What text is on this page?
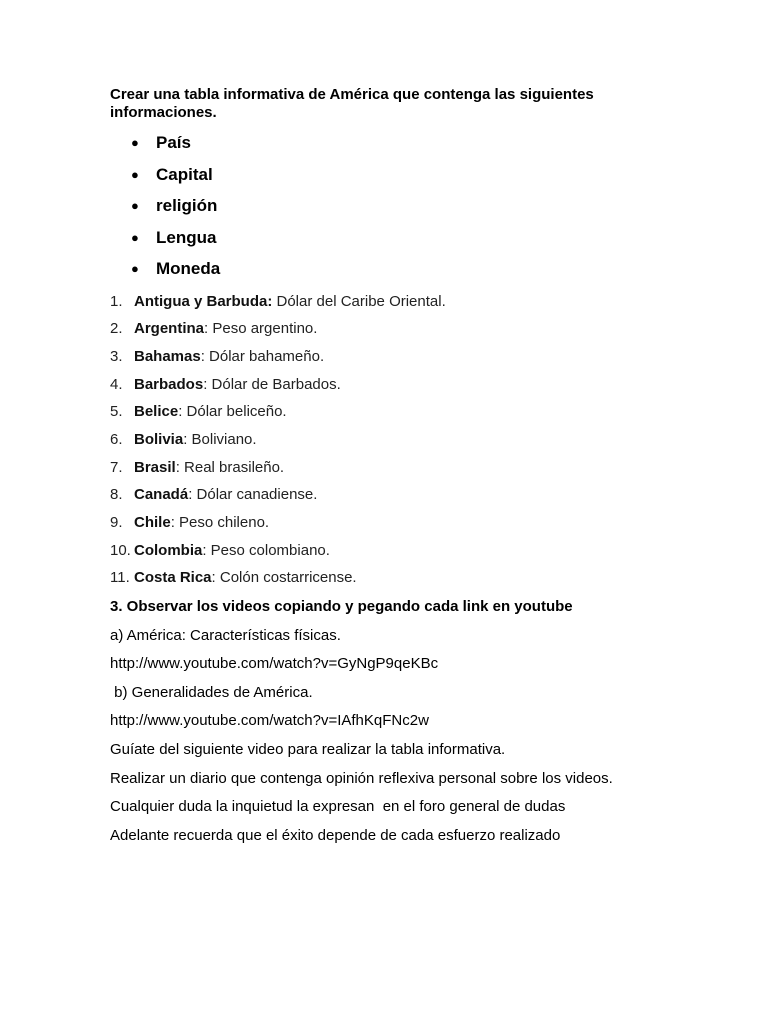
Crear una tabla informativa de América que contenga las siguientes informaciones.

● País
● Capital
● religión
● Lengua
● Moneda
1. Antigua y Barbuda: Dólar del Caribe Oriental.
2. Argentina: Peso argentino.
3. Bahamas: Dólar bahameño.
4. Barbados: Dólar de Barbados.
5. Belice: Dólar beliceño.
6. Bolivia: Boliviano.
7. Brasil: Real brasileño.
8. Canadá: Dólar canadiense.
9. Chile: Peso chileno.
10. Colombia: Peso colombiano.
11. Costa Rica: Colón costarricense.

3. Observar los videos copiando y pegando cada link en youtube

a) América: Características físicas.

http://www.youtube.com/watch?v=GyNgP9qeKBc

b) Generalidades de América.

http://www.youtube.com/watch?v=IAfhKqFNc2w

Guíate del siguiente video para realizar la tabla informativa.

Realizar un diario que contenga opinión reflexiva personal sobre los videos.

Cualquier duda la inquietud la expresan  en el foro general de dudas

Adelante recuerda que el éxito depende de cada esfuerzo realizado
